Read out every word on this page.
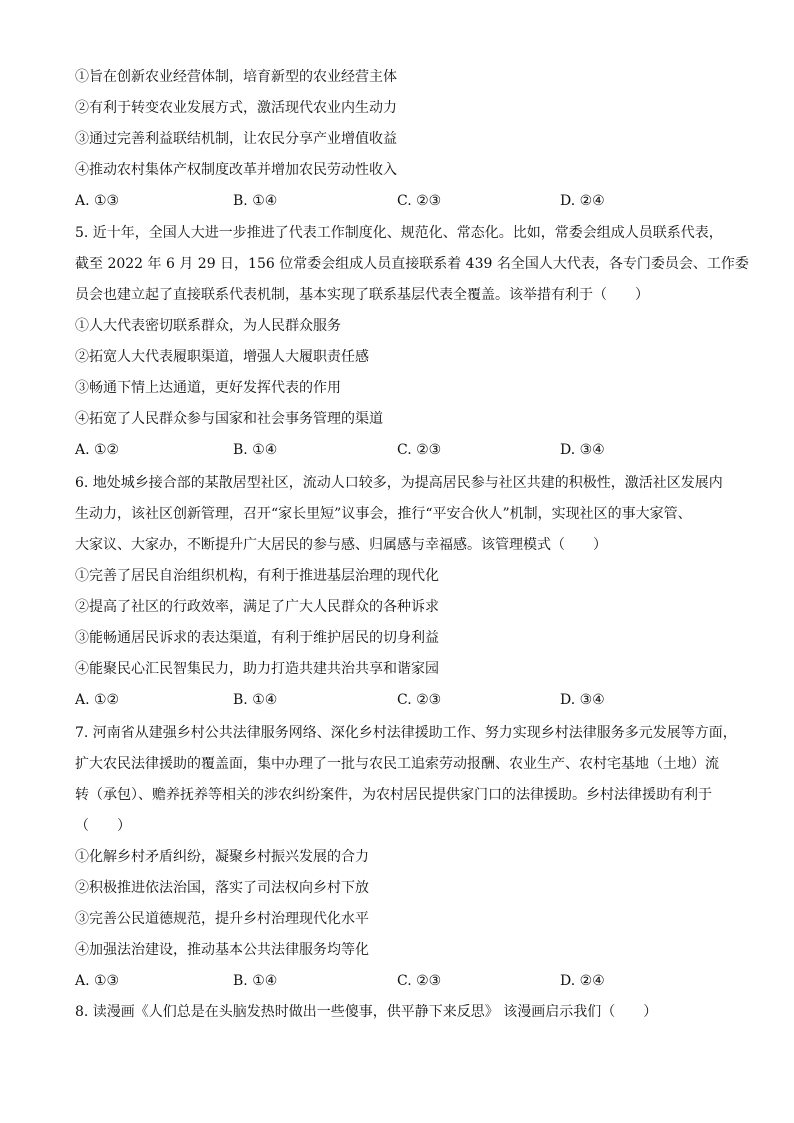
①旨在创新农业经营体制，培育新型的农业经营主体
②有利于转变农业发展方式，激活现代农业内生动力
③通过完善利益联结机制，让农民分享产业增值收益
④推动农村集体产权制度改革并增加农民劳动性收入
A. ①③	B. ①④	C. ②③	D. ②④
5. 近十年，全国人大进一步推进了代表工作制度化、规范化、常态化。比如，常委会组成人员联系代表，
截至 2022 年 6 月 29 日，156 位常委会组成人员直接联系着 439 名全国人大代表，各专门委员会、工作委
员会也建立起了直接联系代表机制，基本实现了联系基层代表全覆盖。该举措有利于（　　）
①人大代表密切联系群众，为人民群众服务
②拓宽人大代表履职渠道，增强人大履职责任感
③畅通下情上达通道，更好发挥代表的作用
④拓宽了人民群众参与国家和社会事务管理的渠道
A. ①②	B. ①④	C. ②③	D. ③④
6. 地处城乡接合部的某散居型社区，流动人口较多，为提高居民参与社区共建的积极性，激活社区发展内
生动力，该社区创新管理，召开“家长里短”议事会，推行“平安合伙人”机制，实现社区的事大家管、
大家议、大家办，不断提升广大居民的参与感、归属感与幸福感。该管理模式（　　）
①完善了居民自治组织机构，有利于推进基层治理的现代化
②提高了社区的行政效率，满足了广大人民群众的各种诉求
③能畅通居民诉求的表达渠道，有利于维护居民的切身利益
④能聚民心汇民智集民力，助力打造共建共治共享和谐家园
A. ①②	B. ①④	C. ②③	D. ③④
7. 河南省从建强乡村公共法律服务网络、深化乡村法律援助工作、努力实现乡村法律服务多元发展等方面，
扩大农民法律援助的覆盖面，集中办理了一批与农民工追索劳动报酬、农业生产、农村宅基地（土地）流
转（承包）、赡养抚养等相关的涉农纠纷案件，为农村居民提供家门口的法律援助。乡村法律援助有利于
（　　）
①化解乡村矛盾纠纷，凝聚乡村振兴发展的合力
②积极推进依法治国，落实了司法权向乡村下放
③完善公民道德规范，提升乡村治理现代化水平
④加强法治建设，推动基本公共法律服务均等化
A. ①③	B. ①④	C. ②③	D. ②④
8. 读漫画《人们总是在头脑发热时做出一些傻事，供平静下来反思》 该漫画启示我们（　　）
